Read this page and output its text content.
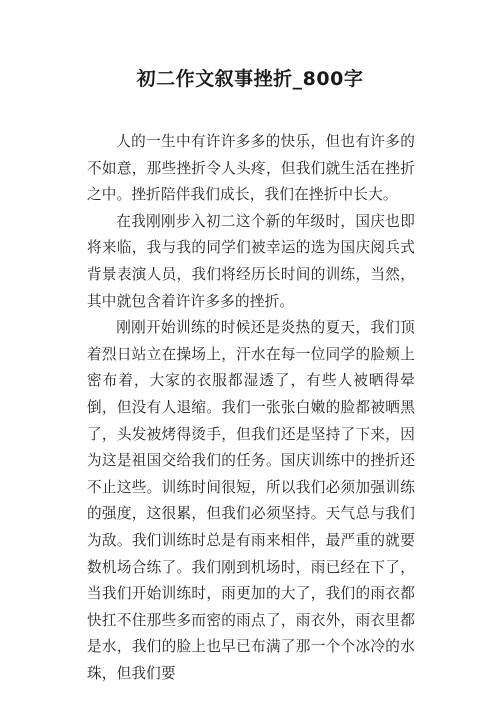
初二作文叙事挫折_800字

人的一生中有许许多多的快乐，但也有许多的不如意，那些挫折令人头疼，但我们就生活在挫折之中。挫折陪伴我们成长，我们在挫折中长大。

在我刚刚步入初二这个新的年级时，国庆也即将来临，我与我的同学们被幸运的选为国庆阅兵式背景表演人员，我们将经历长时间的训练，当然，其中就包含着许许多多的挫折。

刚刚开始训练的时候还是炎热的夏天，我们顶着烈日站立在操场上，汗水在每一位同学的脸颊上密布着，大家的衣服都湿透了，有些人被晒得晕倒，但没有人退缩。我们一张张白嫩的脸都被晒黑了，头发被烤得烫手，但我们还是坚持了下来，因为这是祖国交给我们的任务。国庆训练中的挫折还不止这些。训练时间很短，所以我们必须加强训练的强度，这很累，但我们必须坚持。天气总与我们为敌。我们训练时总是有雨来相伴，最严重的就要数机场合练了。我们刚到机场时，雨已经在下了，当我们开始训练时，雨更加的大了，我们的雨衣都快扛不住那些多而密的雨点了，雨衣外，雨衣里都是水，我们的脸上也早已布满了那一个个冰冷的水珠，但我们要
